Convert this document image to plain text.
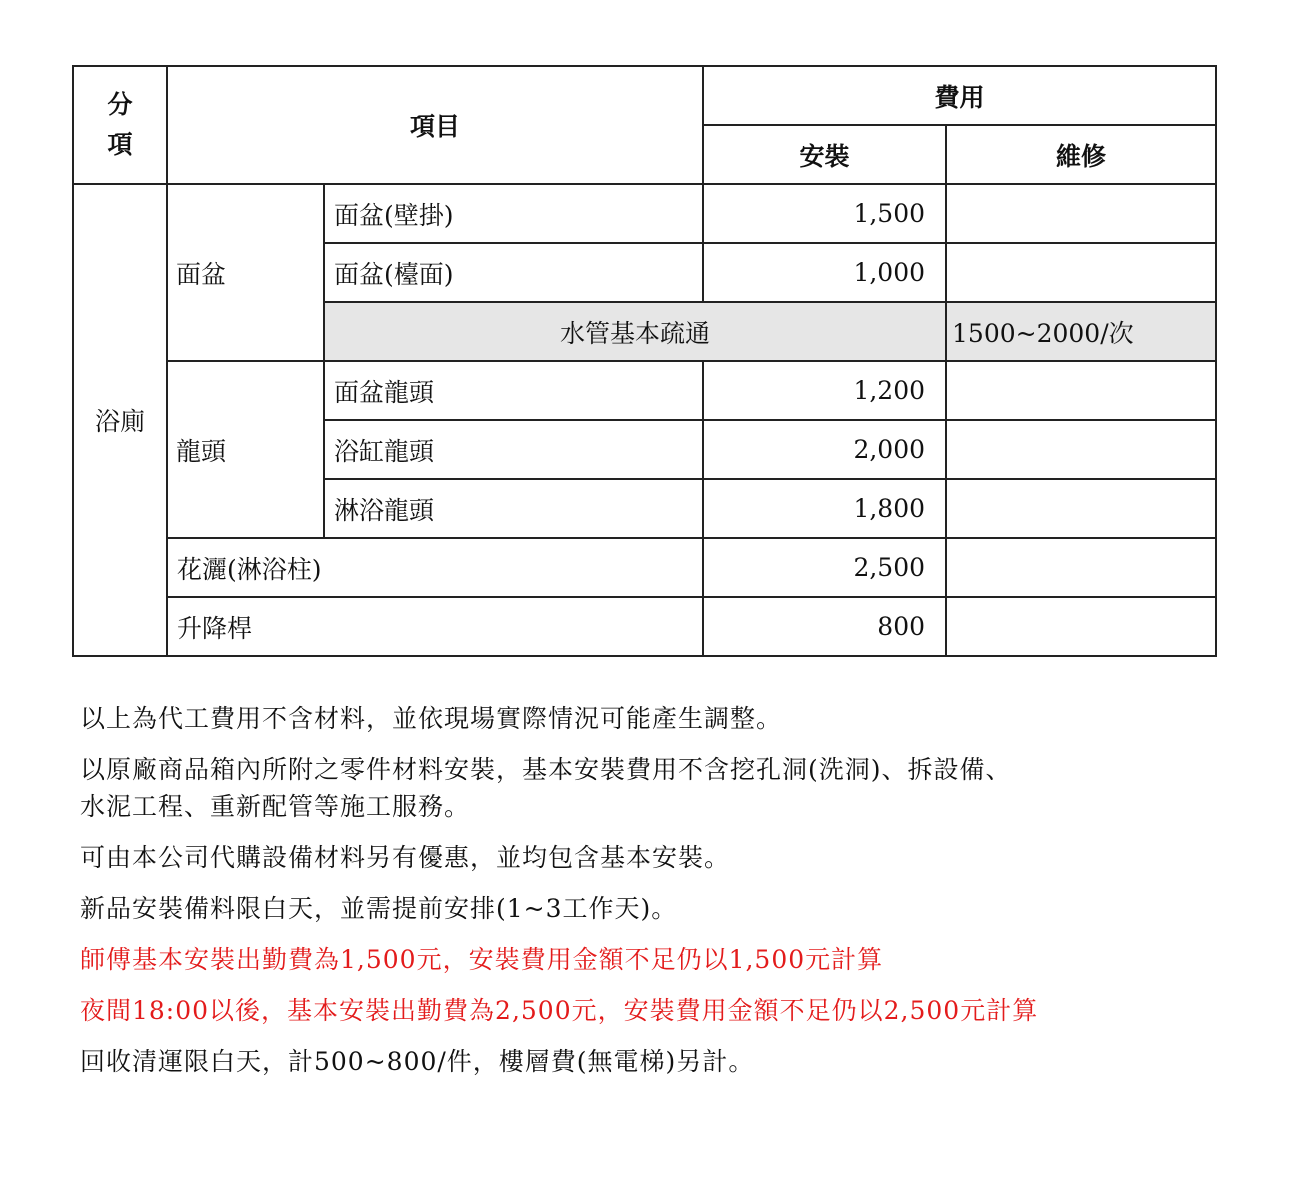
分
項	項目		費用	
			安裝	維修
浴廁	面盆	面盆(壁掛)	1,500	
		面盆(檯面)	1,000	
		水管基本疏通		1500~2000/次
	龍頭	面盆龍頭	1,200	
		浴缸龍頭	2,000	
		淋浴龍頭	1,800	
	花灑(淋浴柱)		2,500	
	升降桿		800	

以上為代工費用不含材料，並依現場實際情況可能產生調整。

以原廠商品箱內所附之零件材料安裝，基本安裝費用不含挖孔洞(洗洞)、拆設備、

水泥工程、重新配管等施工服務。

可由本公司代購設備材料另有優惠，並均包含基本安裝。

新品安裝備料限白天，並需提前安排(1~3工作天)。

師傅基本安裝出勤費為1,500元，安裝費用金額不足仍以1,500元計算

夜間18:00以後，基本安裝出勤費為2,500元，安裝費用金額不足仍以2,500元計算

回收清運限白天，計500~800/件，樓層費(無電梯)另計。
